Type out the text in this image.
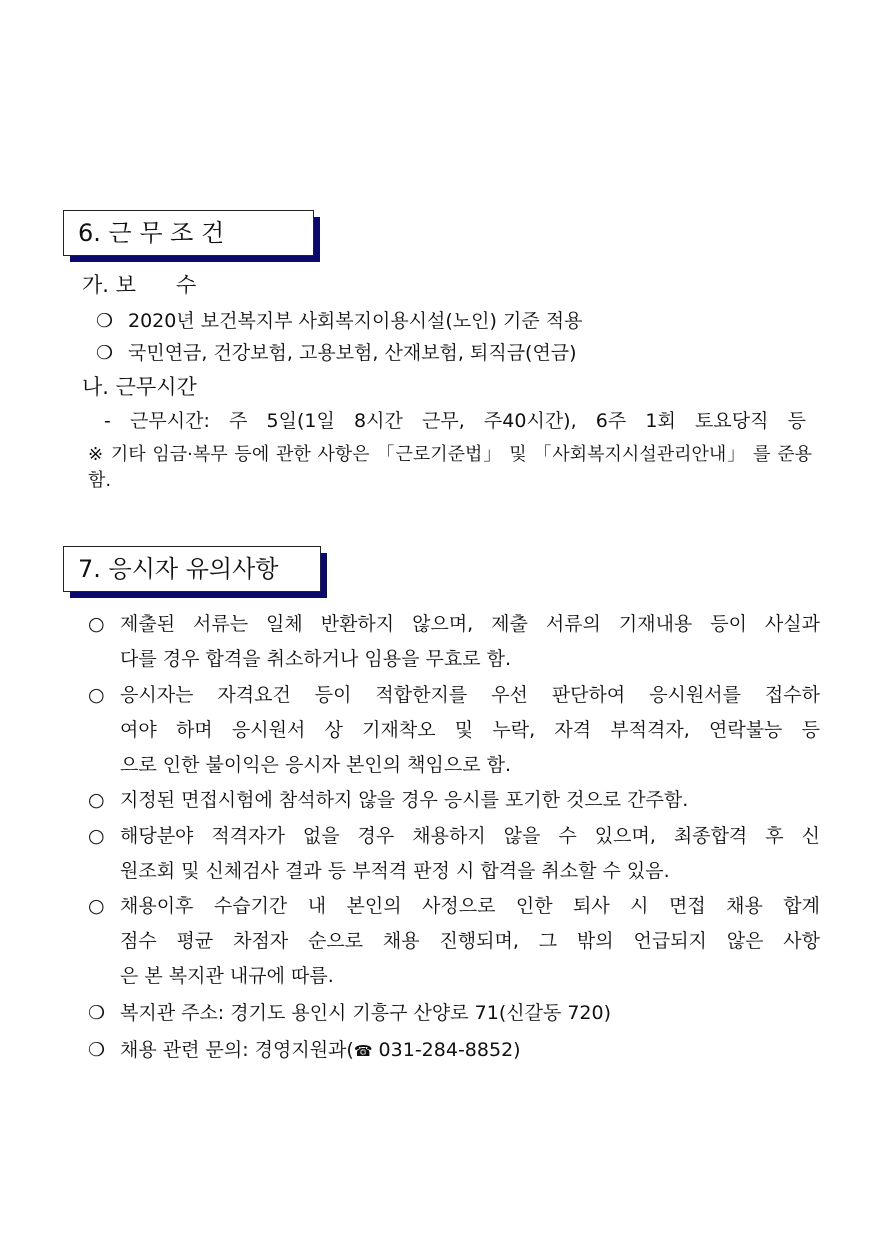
6. 근 무 조 건
가. 보      수
❍ 2020년 보건복지부 사회복지이용시설(노인) 기준 적용
❍ 국민연금, 건강보험, 고용보험, 산재보험, 퇴직금(연금)
나. 근무시간
- 근무시간: 주 5일(1일 8시간 근무, 주40시간), 6주 1회 토요당직 등
※ 기타 임금·복무 등에 관한 사항은 「근로기준법」 및 「사회복지시설관리안내」 를 준용함.
7. 응시자 유의사항
○ 제출된 서류는 일체 반환하지 않으며, 제출 서류의 기재내용 등이 사실과
다를 경우 합격을 취소하거나 임용을 무효로 함.
○ 응시자는 자격요건 등이 적합한지를 우선 판단하여 응시원서를 접수하
여야 하며 응시원서 상 기재착오 및 누락, 자격 부적격자, 연락불능 등
으로 인한 불이익은 응시자 본인의 책임으로 함.
○ 지정된 면접시험에 참석하지 않을 경우 응시를 포기한 것으로 간주함.
○ 해당분야 적격자가 없을 경우 채용하지 않을 수 있으며, 최종합격 후 신
원조회 및 신체검사 결과 등 부적격 판정 시 합격을 취소할 수 있음.
○ 채용이후 수습기간 내 본인의 사정으로 인한 퇴사 시 면접 채용 합계
점수 평균 차점자 순으로 채용 진행되며, 그 밖의 언급되지 않은 사항
은 본 복지관 내규에 따름.
❍ 복지관 주소: 경기도 용인시 기흥구 산양로 71(신갈동 720)
❍ 채용 관련 문의: 경영지원과(☎ 031-284-8852)
